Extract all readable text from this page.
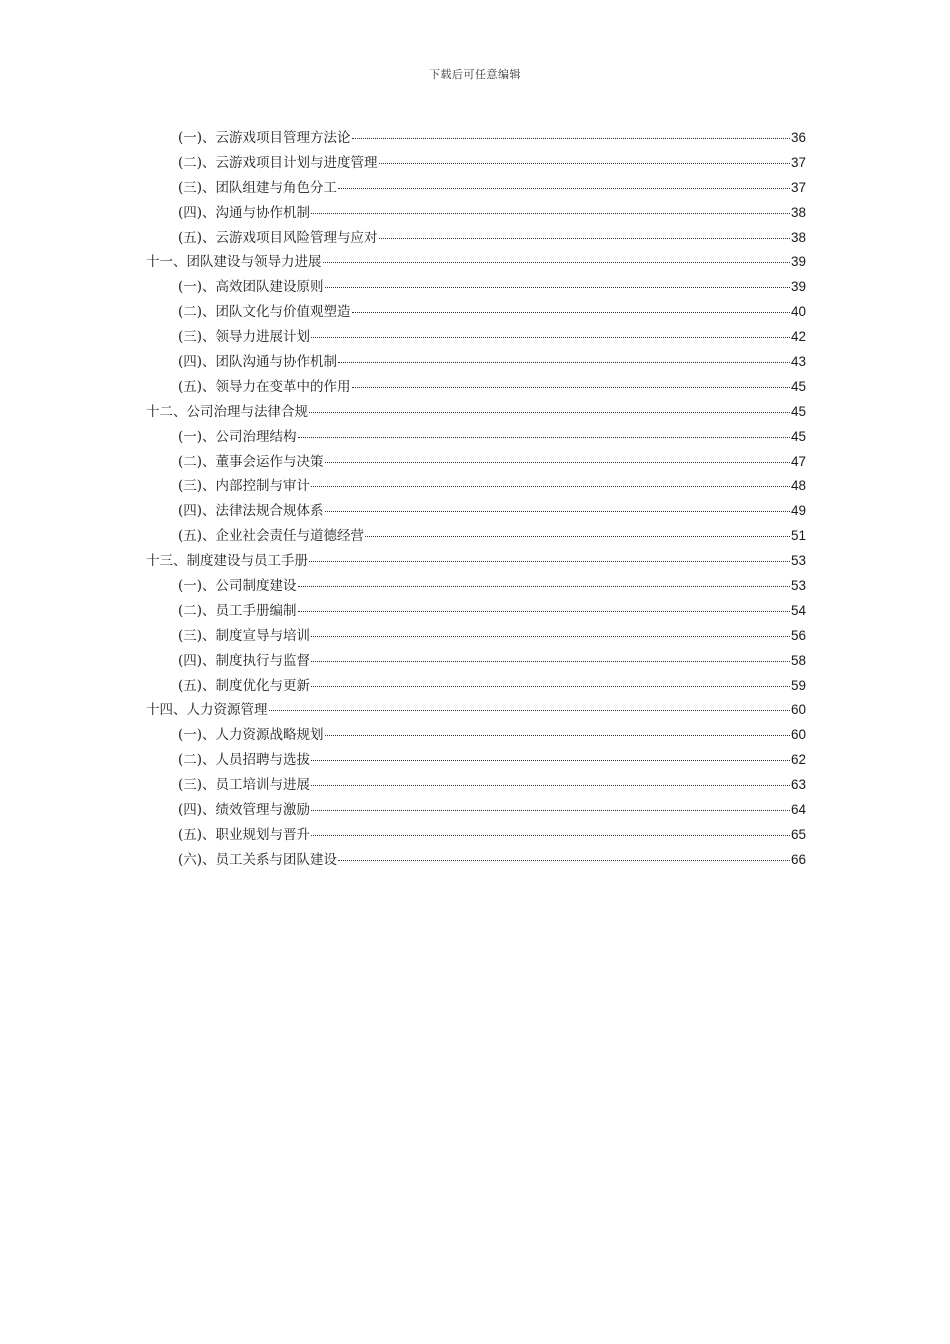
下载后可任意编辑
(一)、云游戏项目管理方法论	36
(二)、云游戏项目计划与进度管理	37
(三)、团队组建与角色分工	37
(四)、沟通与协作机制	38
(五)、云游戏项目风险管理与应对	38
十一、团队建设与领导力进展	39
(一)、高效团队建设原则	39
(二)、团队文化与价值观塑造	40
(三)、领导力进展计划	42
(四)、团队沟通与协作机制	43
(五)、领导力在变革中的作用	45
十二、公司治理与法律合规	45
(一)、公司治理结构	45
(二)、董事会运作与决策	47
(三)、内部控制与审计	48
(四)、法律法规合规体系	49
(五)、企业社会责任与道德经营	51
十三、制度建设与员工手册	53
(一)、公司制度建设	53
(二)、员工手册编制	54
(三)、制度宣导与培训	56
(四)、制度执行与监督	58
(五)、制度优化与更新	59
十四、人力资源管理	60
(一)、人力资源战略规划	60
(二)、人员招聘与选拔	62
(三)、员工培训与进展	63
(四)、绩效管理与激励	64
(五)、职业规划与晋升	65
(六)、员工关系与团队建设	66
